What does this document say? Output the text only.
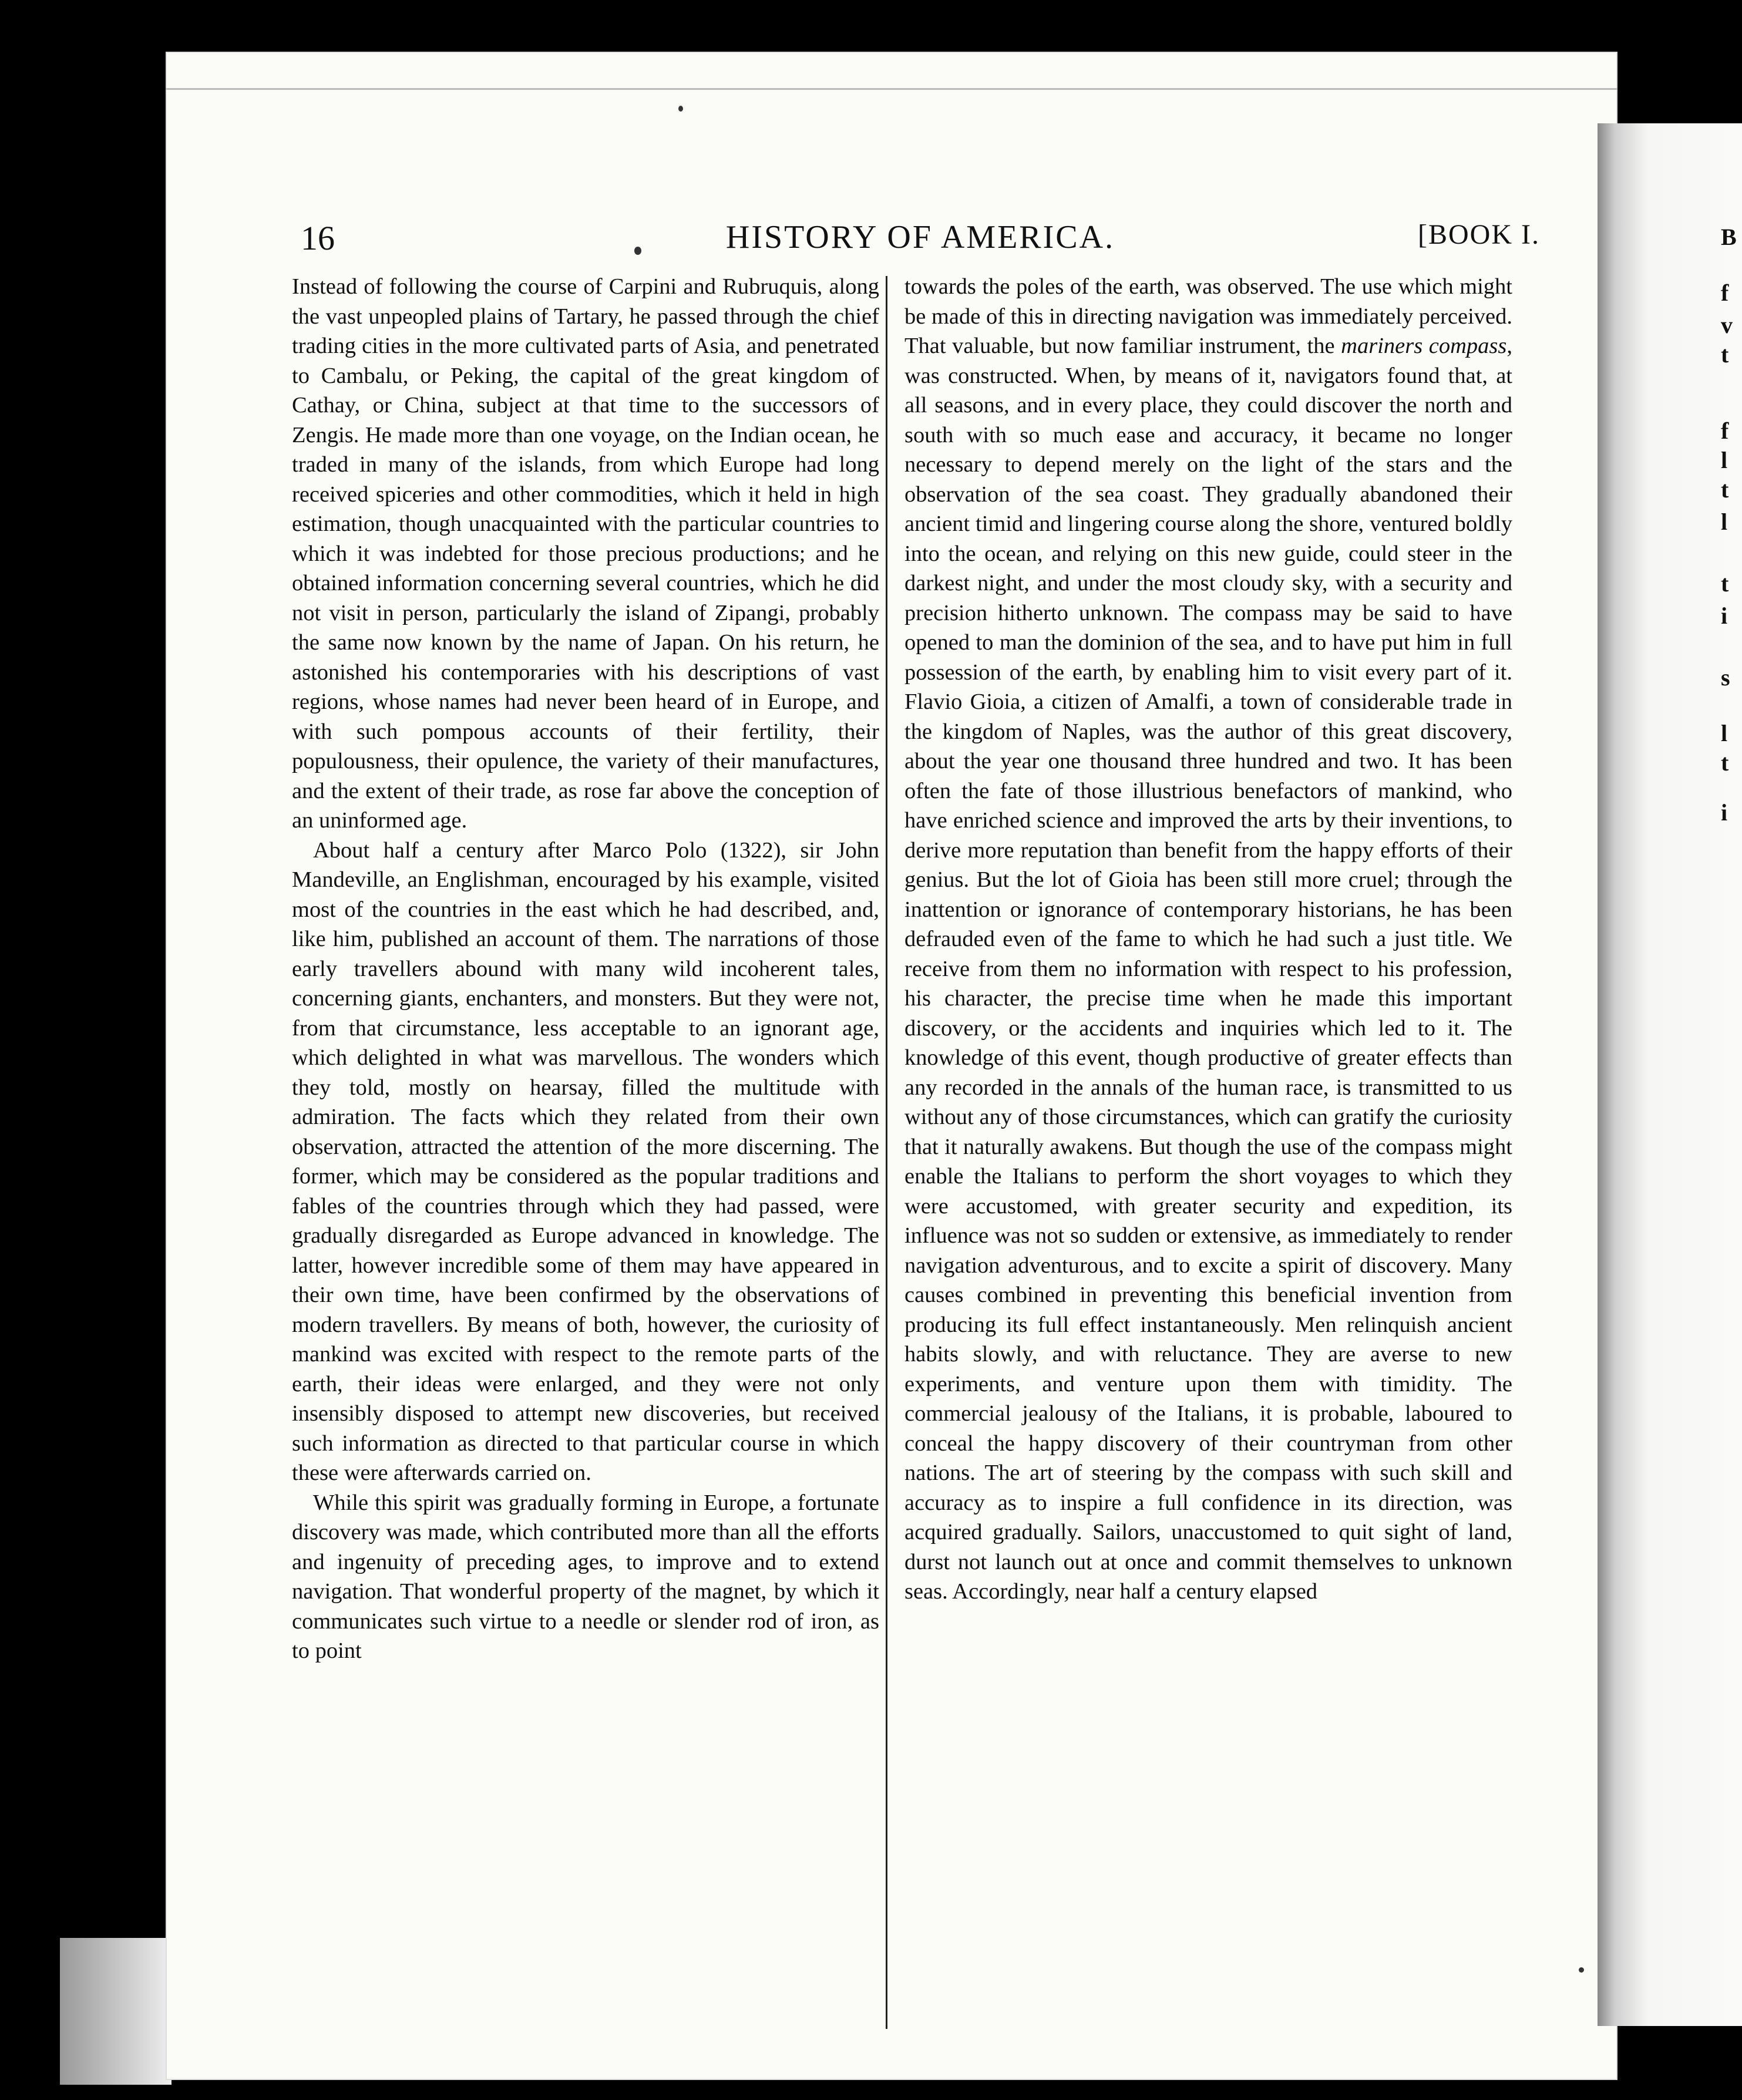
B
f
v
t
f
l
t
l
t
i
s
l
t
i
16	HISTORY OF AMERICA.	[BOOK I.

Instead of following the course of Carpini and Rubruquis, along the vast unpeopled plains of Tartary, he passed through the chief trading cities in the more cultivated parts of Asia, and penetrated to Cambalu, or Peking, the capital of the great kingdom of Cathay, or China, subject at that time to the successors of Zengis. He made more than one voyage, on the Indian ocean, he traded in many of the islands, from which Europe had long received spiceries and other commodities, which it held in high estimation, though unacquainted with the particular countries to which it was indebted for those precious productions; and he obtained information concerning several countries, which he did not visit in person, particularly the island of Zipangi, probably the same now known by the name of Japan. On his return, he astonished his contemporaries with his descriptions of vast regions, whose names had never been heard of in Europe, and with such pompous accounts of their fertility, their populousness, their opulence, the variety of their manufactures, and the extent of their trade, as rose far above the conception of an uninformed age.

About half a century after Marco Polo (1322), sir John Mandeville, an Englishman, encouraged by his example, visited most of the countries in the east which he had described, and, like him, published an account of them. The narrations of those early travellers abound with many wild incoherent tales, concerning giants, enchanters, and monsters. But they were not, from that circumstance, less acceptable to an ignorant age, which delighted in what was marvellous. The wonders which they told, mostly on hearsay, filled the multitude with admiration. The facts which they related from their own observation, attracted the attention of the more discerning. The former, which may be considered as the popular traditions and fables of the countries through which they had passed, were gradually disregarded as Europe advanced in knowledge. The latter, however incredible some of them may have appeared in their own time, have been confirmed by the observations of modern travellers. By means of both, however, the curiosity of mankind was excited with respect to the remote parts of the earth, their ideas were enlarged, and they were not only insensibly disposed to attempt new discoveries, but received such information as directed to that particular course in which these were afterwards carried on.

While this spirit was gradually forming in Europe, a fortunate discovery was made, which contributed more than all the efforts and ingenuity of preceding ages, to improve and to extend navigation. That wonderful property of the magnet, by which it communicates such virtue to a needle or slender rod of iron, as to point

towards the poles of the earth, was observed. The use which might be made of this in directing navigation was immediately perceived. That valuable, but now familiar instrument, the mariners compass, was constructed. When, by means of it, navigators found that, at all seasons, and in every place, they could discover the north and south with so much ease and accuracy, it became no longer necessary to depend merely on the light of the stars and the observation of the sea coast. They gradually abandoned their ancient timid and lingering course along the shore, ventured boldly into the ocean, and relying on this new guide, could steer in the darkest night, and under the most cloudy sky, with a security and precision hitherto unknown. The compass may be said to have opened to man the dominion of the sea, and to have put him in full possession of the earth, by enabling him to visit every part of it. Flavio Gioia, a citizen of Amalfi, a town of considerable trade in the kingdom of Naples, was the author of this great discovery, about the year one thousand three hundred and two. It has been often the fate of those illustrious benefactors of mankind, who have enriched science and improved the arts by their inventions, to derive more reputation than benefit from the happy efforts of their genius. But the lot of Gioia has been still more cruel; through the inattention or ignorance of contemporary historians, he has been defrauded even of the fame to which he had such a just title. We receive from them no information with respect to his profession, his character, the precise time when he made this important discovery, or the accidents and inquiries which led to it. The knowledge of this event, though productive of greater effects than any recorded in the annals of the human race, is transmitted to us without any of those circumstances, which can gratify the curiosity that it naturally awakens. But though the use of the compass might enable the Italians to perform the short voyages to which they were accustomed, with greater security and expedition, its influence was not so sudden or extensive, as immediately to render navigation adventurous, and to excite a spirit of discovery. Many causes combined in preventing this beneficial invention from producing its full effect instantaneously. Men relinquish ancient habits slowly, and with reluctance. They are averse to new experiments, and venture upon them with timidity. The commercial jealousy of the Italians, it is probable, laboured to conceal the happy discovery of their countryman from other nations. The art of steering by the compass with such skill and accuracy as to inspire a full confidence in its direction, was acquired gradually. Sailors, unaccustomed to quit sight of land, durst not launch out at once and commit themselves to unknown seas. Accordingly, near half a century elapsed
